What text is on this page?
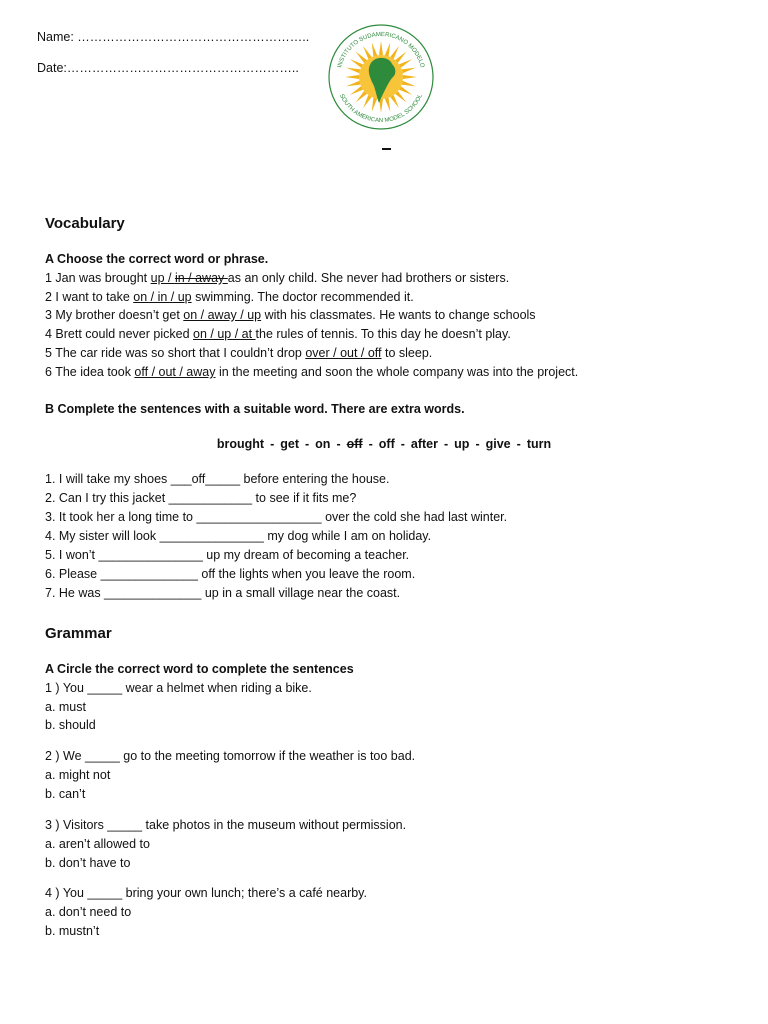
Name: ………………………………………………..
Date:………………………………………………..	INSTITUTO SUDAMERICANO MODELO
SOUTH AMERICAN MODEL SCHOOL
Vocabulary
A Choose the correct word or phrase.
1 Jan was brought up / in / away as an only child. She never had brothers or sisters.
2 I want to take on / in / up swimming. The doctor recommended it.
3 My brother doesn’t get on / away / up with his classmates. He wants to change schools
4 Brett could never picked on / up / at the rules of tennis. To this day he doesn’t play.
5 The car ride was so short that I couldn’t drop over / out / off to sleep.
6 The idea took off / out / away in the meeting and soon the whole company was into the project.
B Complete the sentences with a suitable word. There are extra words.
brought - get - on - off - off - after - up - give - turn
1. I will take my shoes ___off_____ before entering the house.
2. Can I try this jacket ____________ to see if it fits me?
3. It took her a long time to __________________ over the cold she had last winter.
4. My sister will look _______________ my dog while I am on holiday.
5. I won’t _______________ up my dream of becoming a teacher.
6. Please ______________ off the lights when you leave the room.
7. He was ______________ up in a small village near the coast.
Grammar
A Circle the correct word to complete the sentences
1 ) You _____ wear a helmet when riding a bike.
a. must
b. should
2 ) We _____ go to the meeting tomorrow if the weather is too bad.
a. might not
b. can’t
3 ) Visitors _____ take photos in the museum without permission.
a. aren’t allowed to
b. don’t have to
4 ) You _____ bring your own lunch; there’s a café nearby.
a. don’t need to
b. mustn’t
